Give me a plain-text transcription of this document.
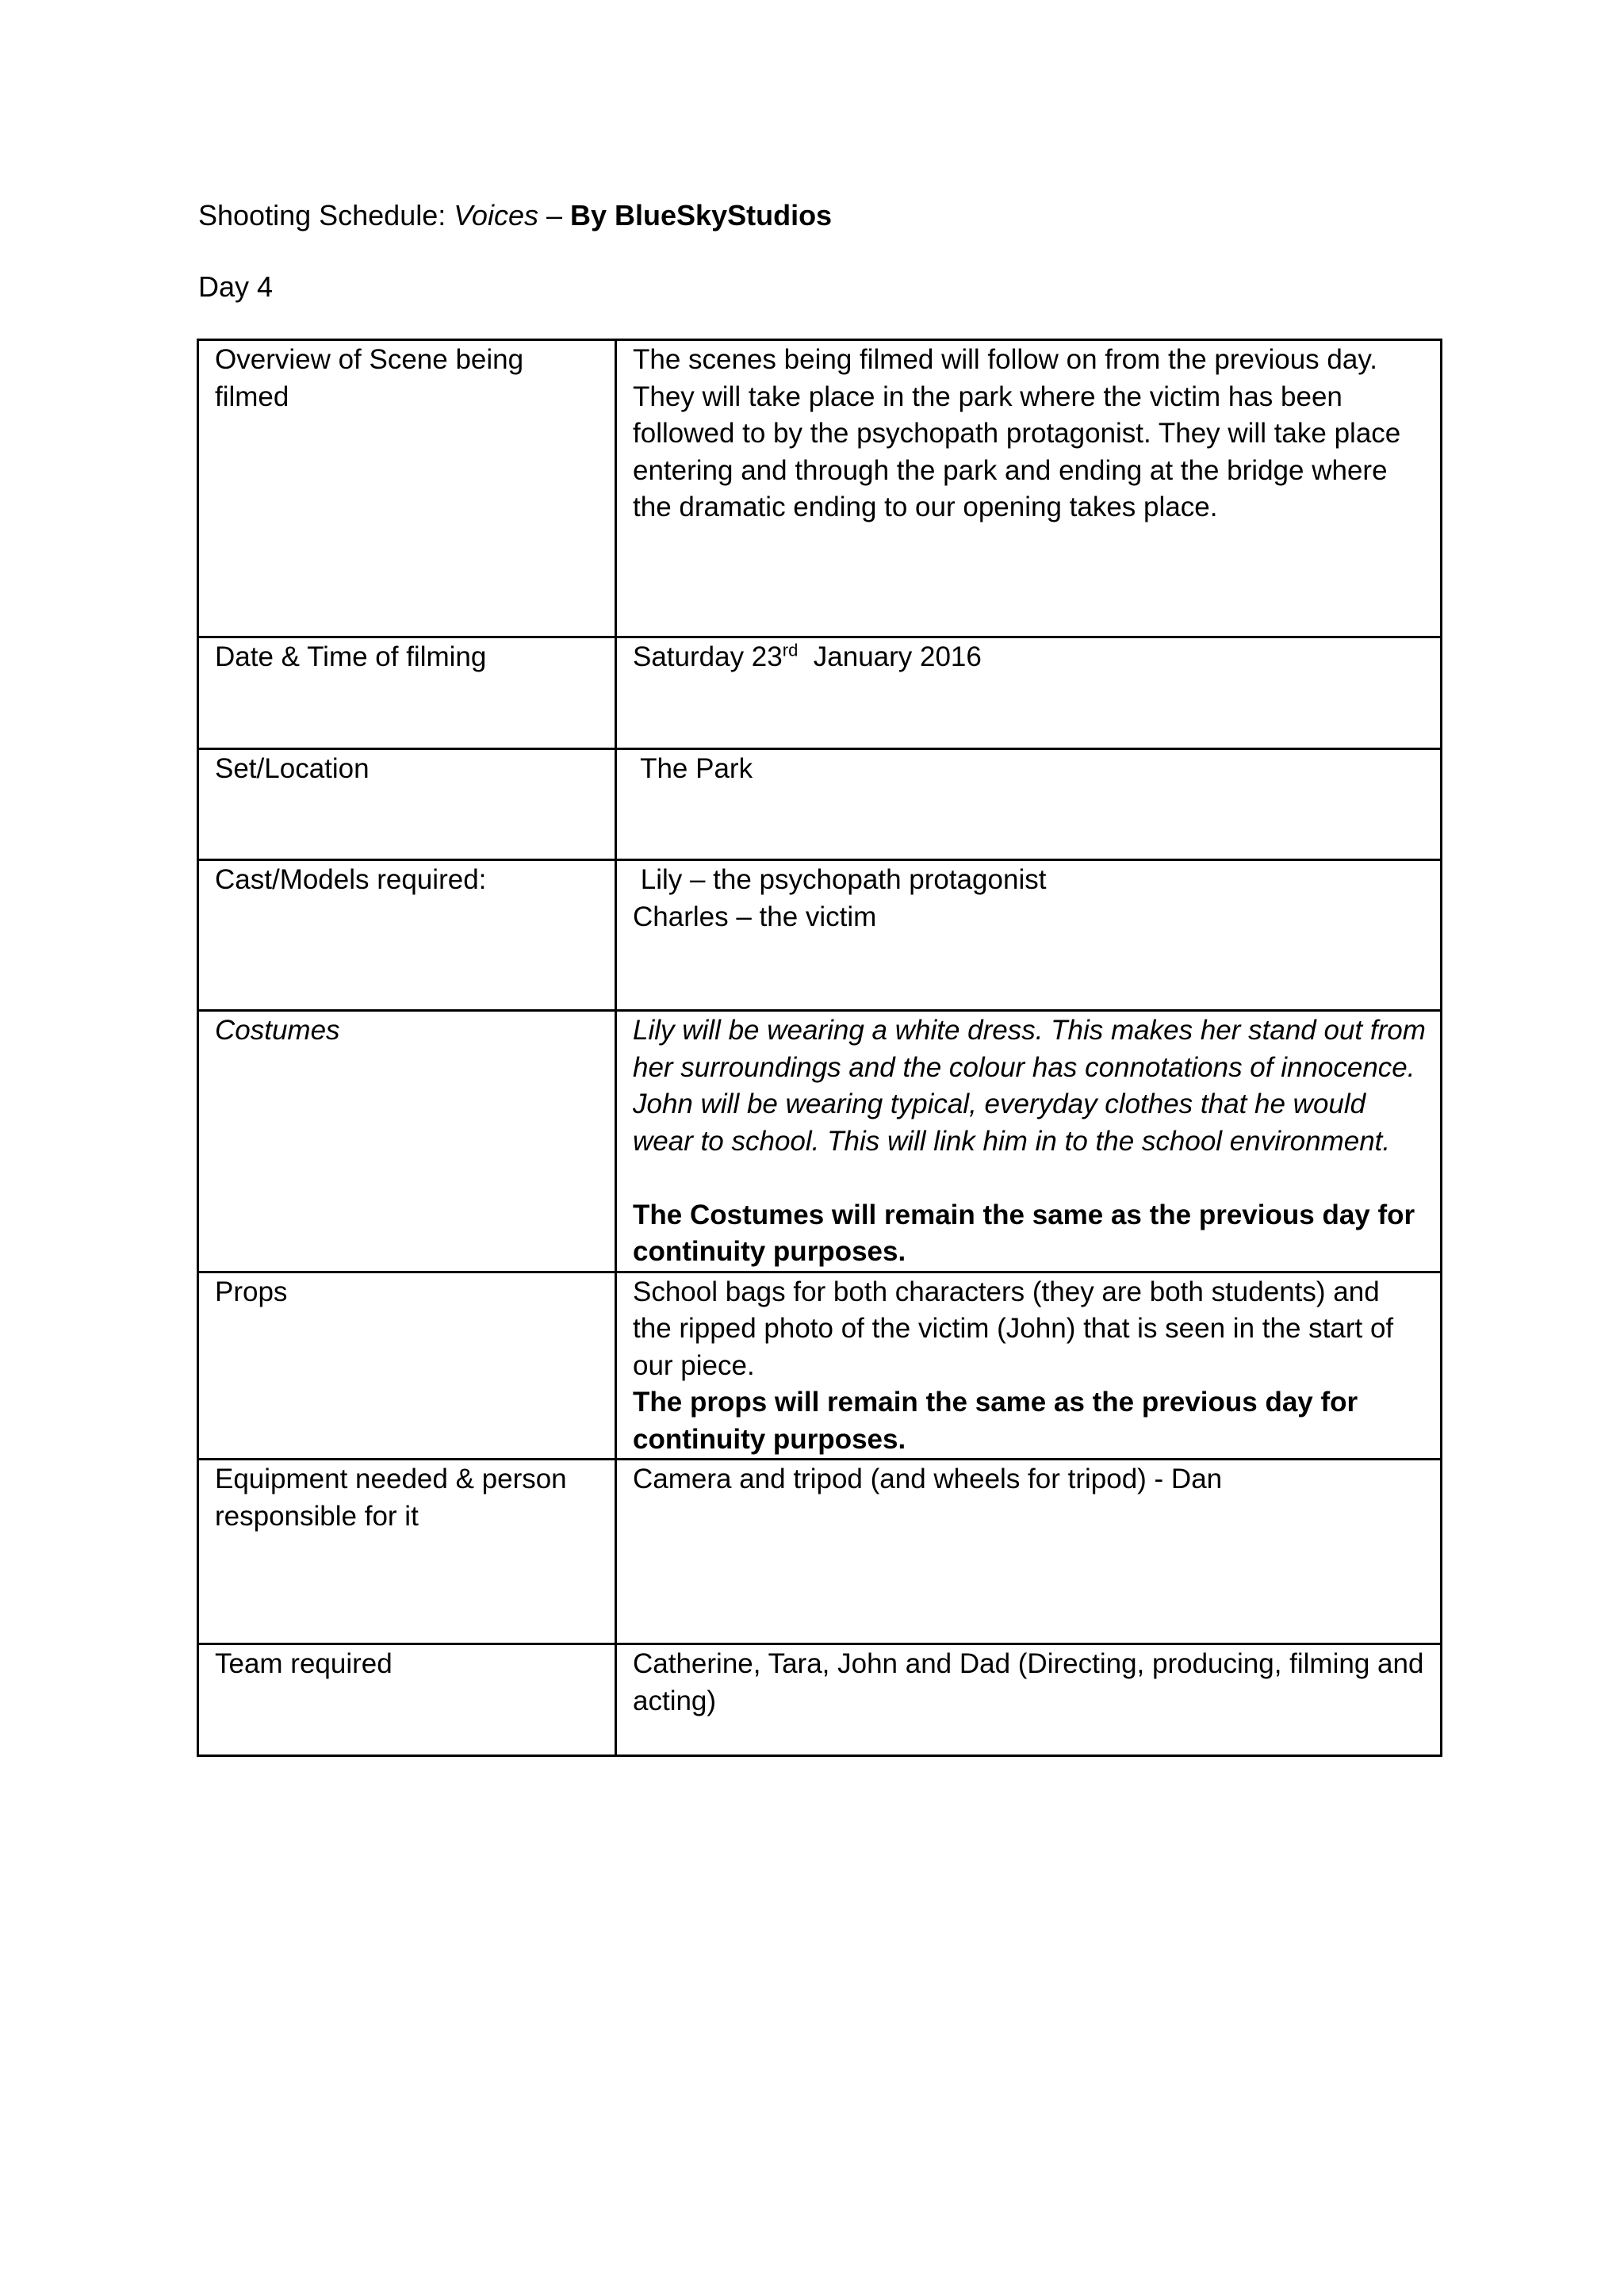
Shooting Schedule: Voices – By BlueSkyStudios
Day 4
Overview of Scene being filmed	The scenes being filmed will follow on from the previous day. They will take place in the park where the victim has been followed to by the psychopath protagonist. They will take place entering and through the park and ending at the bridge where the dramatic ending to our opening takes place.
Date & Time of filming	Saturday 23rd  January 2016
Set/Location	The Park
Cast/Models required:	Lily – the psychopath protagonist
Charles – the victim

Costumes	Lily will be wearing a white dress. This makes her stand out from her surroundings and the colour has connotations of innocence. John will be wearing typical, everyday clothes that he would wear to school. This will link him in to the school environment.
The Costumes will remain the same as the previous day for continuity purposes.

Props	School bags for both characters (they are both students) and the ripped photo of the victim (John) that is seen in the start of our piece.
The props will remain the same as the previous day for continuity purposes.

Equipment needed & person responsible for it	Camera and tripod (and wheels for tripod) - Dan
Team required	Catherine, Tara, John and Dad (Directing, producing, filming and acting)
